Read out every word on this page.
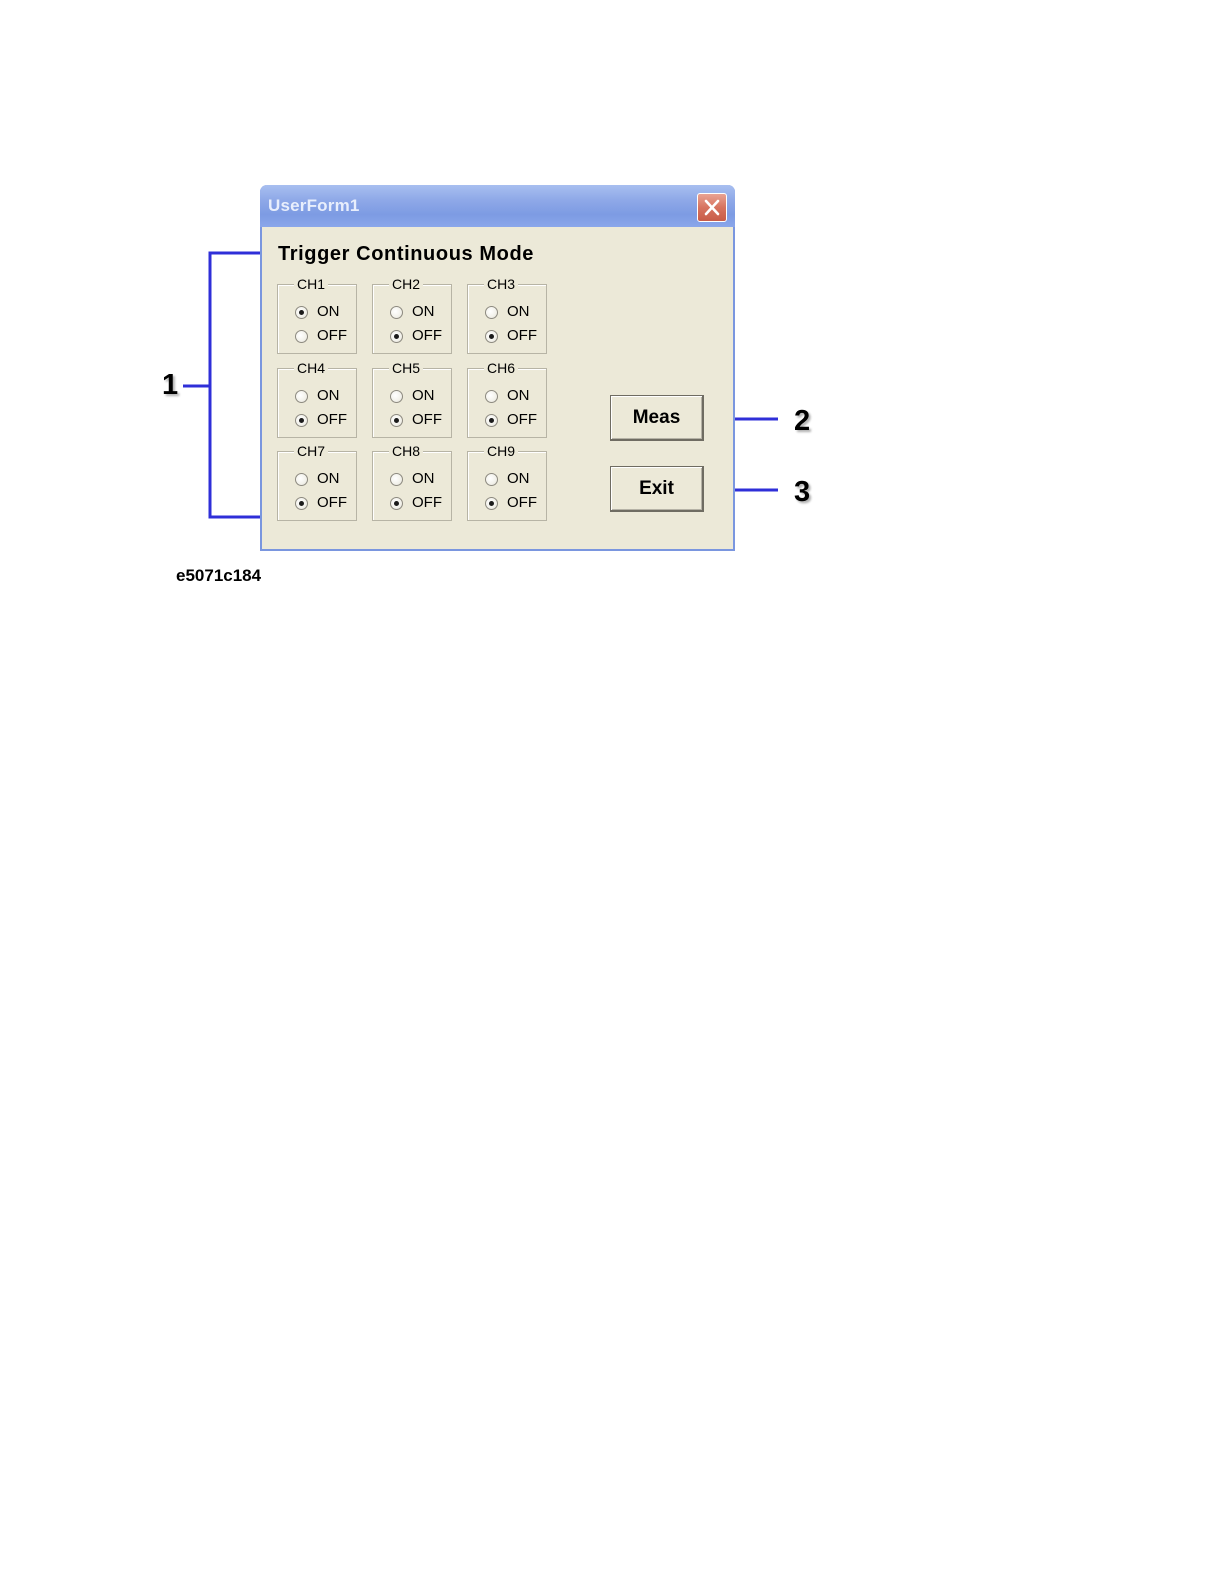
1
2
3
UserForm1
Trigger Continuous Mode
CH1
ON
OFF
CH2
ON
OFF
CH3
ON
OFF
CH4
ON
OFF
CH5
ON
OFF
CH6
ON
OFF
CH7
ON
OFF
CH8
ON
OFF
CH9
ON
OFF
Meas
Exit
e5071c184
